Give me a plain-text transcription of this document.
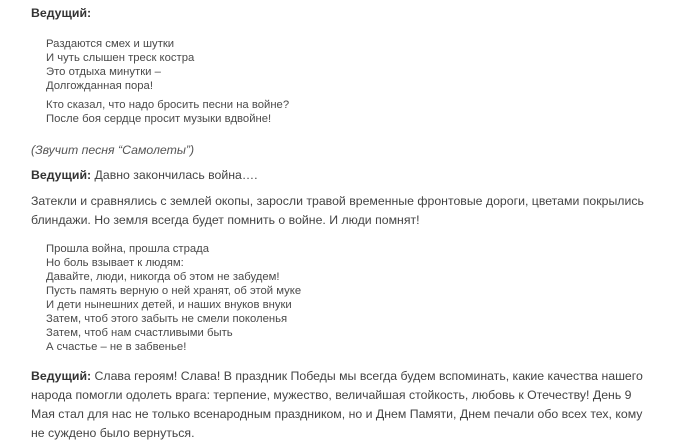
Ведущий:

Раздаются смех и шутки
И чуть слышен треск костра
Это отдыха минутки –
Долгожданная пора!
Кто сказал, что надо бросить песни на войне?
После боя сердце просит музыки вдвойне!

(Звучит песня “Самолеты”)

Ведущий: Давно закончилась война….

Затекли и сравнялись с землей окопы, заросли травой временные фронтовые дороги, цветами покрылись
блиндажи. Но земля всегда будет помнить о войне. И люди помнят!

Прошла война, прошла страда
Но боль взывает к людям:
Давайте, люди, никогда об этом не забудем!
Пусть память верную о ней хранят, об этой муке
И дети нынешних детей, и наших внуков внуки
Затем, чтоб этого забыть не смели поколенья
Затем, чтоб нам счастливыми быть
А счастье – не в забвенье!

Ведущий: Слава героям! Слава! В праздник Победы мы всегда будем вспоминать, какие качества нашего
народа помогли одолеть врага: терпение, мужество, величайшая стойкость, любовь к Отечеству! День 9
Мая стал для нас не только всенародным праздником, но и Днем Памяти, Днем печали обо всех тех, кому
не суждено было вернуться.
